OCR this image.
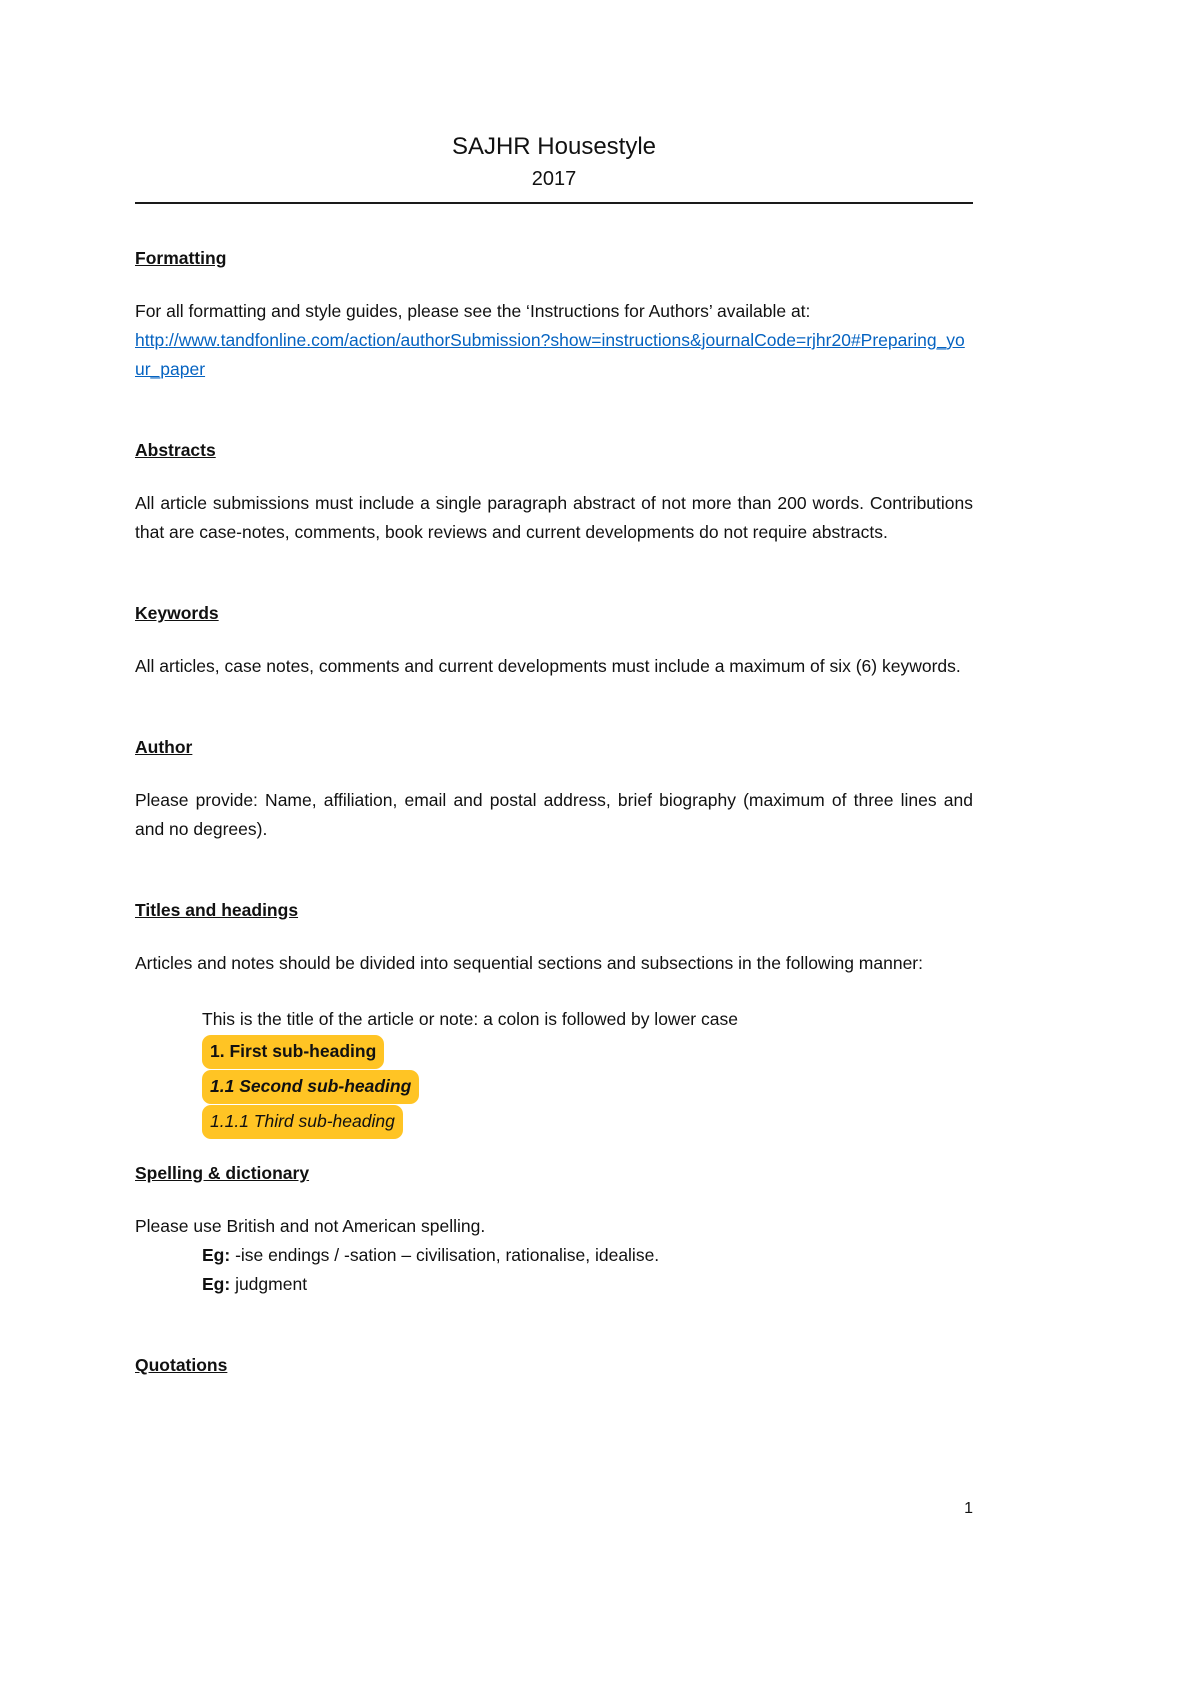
SAJHR Housestyle
2017
Formatting

For all formatting and style guides, please see the ‘Instructions for Authors’ available at:
http://www.tandfonline.com/action/authorSubmission?show=instructions&journalCode=rjhr20#Preparing_your_paper

Abstracts

All article submissions must include a single paragraph abstract of not more than 200 words. Contributions that are case-notes, comments, book reviews and current developments do not require abstracts.

Keywords

All articles, case notes, comments and current developments must include a maximum of six (6) keywords.

Author

Please provide: Name, affiliation, email and postal address, brief biography (maximum of three lines and and no degrees).

Titles and headings

Articles and notes should be divided into sequential sections and subsections in the following manner:

This is the title of the article or note: a colon is followed by lower case
1. First sub-heading
1.1 Second sub-heading
1.1.1 Third sub-heading
Spelling & dictionary

Please use British and not American spelling.
Eg: -ise endings / -sation – civilisation, rationalise, idealise.
Eg: judgment

Quotations
1
